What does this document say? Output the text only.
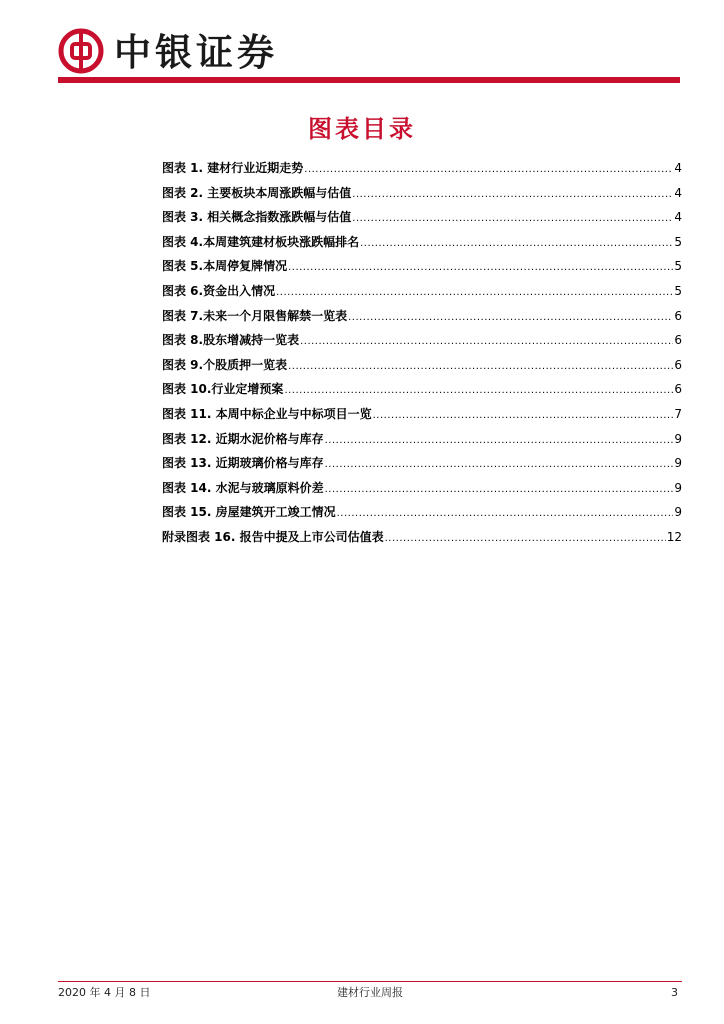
中银证券
图表目录
图表 1. 建材行业近期走势 .....	4
图表 2. 主要板块本周涨跌幅与估值 .....	4
图表 3. 相关概念指数涨跌幅与估值 .....	4
图表 4.本周建筑建材板块涨跌幅排名 .....	5
图表 5.本周停复牌情况 .....	5
图表 6.资金出入情况 .....	5
图表 7.未来一个月限售解禁一览表 .....	6
图表 8.股东增减持一览表 .....	6
图表 9.个股质押一览表 .....	6
图表 10.行业定增预案 .....	6
图表 11. 本周中标企业与中标项目一览 .....	7
图表 12. 近期水泥价格与库存 .....	9
图表 13. 近期玻璃价格与库存 .....	9
图表 14. 水泥与玻璃原料价差 .....	9
图表 15. 房屋建筑开工竣工情况 .....	9
附录图表 16. 报告中提及上市公司估值表 .....	12
2020 年 4 月 8 日	建材行业周报	3
